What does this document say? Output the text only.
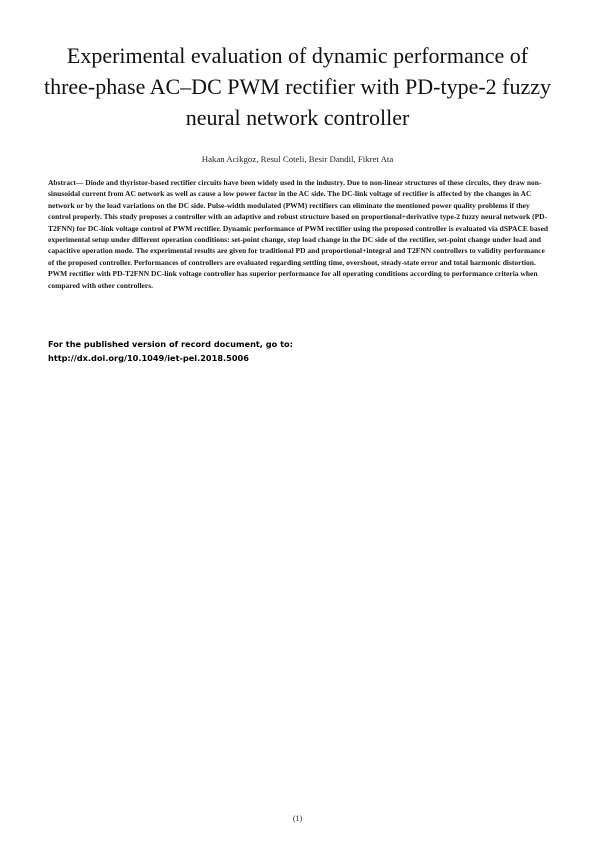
Experimental evaluation of dynamic performance of three-phase AC–DC PWM rectifier with PD-type-2 fuzzy neural network controller
Hakan Acikgoz, Resul Coteli, Besir Dandil, Fikret Ata
Abstract— Diode and thyristor-based rectifier circuits have been widely used in the industry. Due to non-linear structures of these circuits, they draw non-sinusoidal current from AC network as well as cause a low power factor in the AC side. The DC-link voltage of rectifier is affected by the changes in AC network or by the load variations on the DC side. Pulse-width modulated (PWM) rectifiers can eliminate the mentioned power quality problems if they control properly. This study proposes a controller with an adaptive and robust structure based on proportional+derivative type-2 fuzzy neural network (PD-T2FNN) for DC-link voltage control of PWM rectifier. Dynamic performance of PWM rectifier using the proposed controller is evaluated via dSPACE based experimental setup under different operation conditions: set-point change, step load change in the DC side of the rectifier, set-point change under load and capacitive operation mode. The experimental results are given for traditional PD and proportional+integral and T2FNN controllers to validity performance of the proposed controller. Performances of controllers are evaluated regarding settling time, overshoot, steady-state error and total harmonic distortion. PWM rectifier with PD-T2FNN DC-link voltage controller has superior performance for all operating conditions according to performance criteria when compared with other controllers.
For the published version of record document, go to:
http://dx.doi.org/10.1049/iet-pel.2018.5006
(1)
